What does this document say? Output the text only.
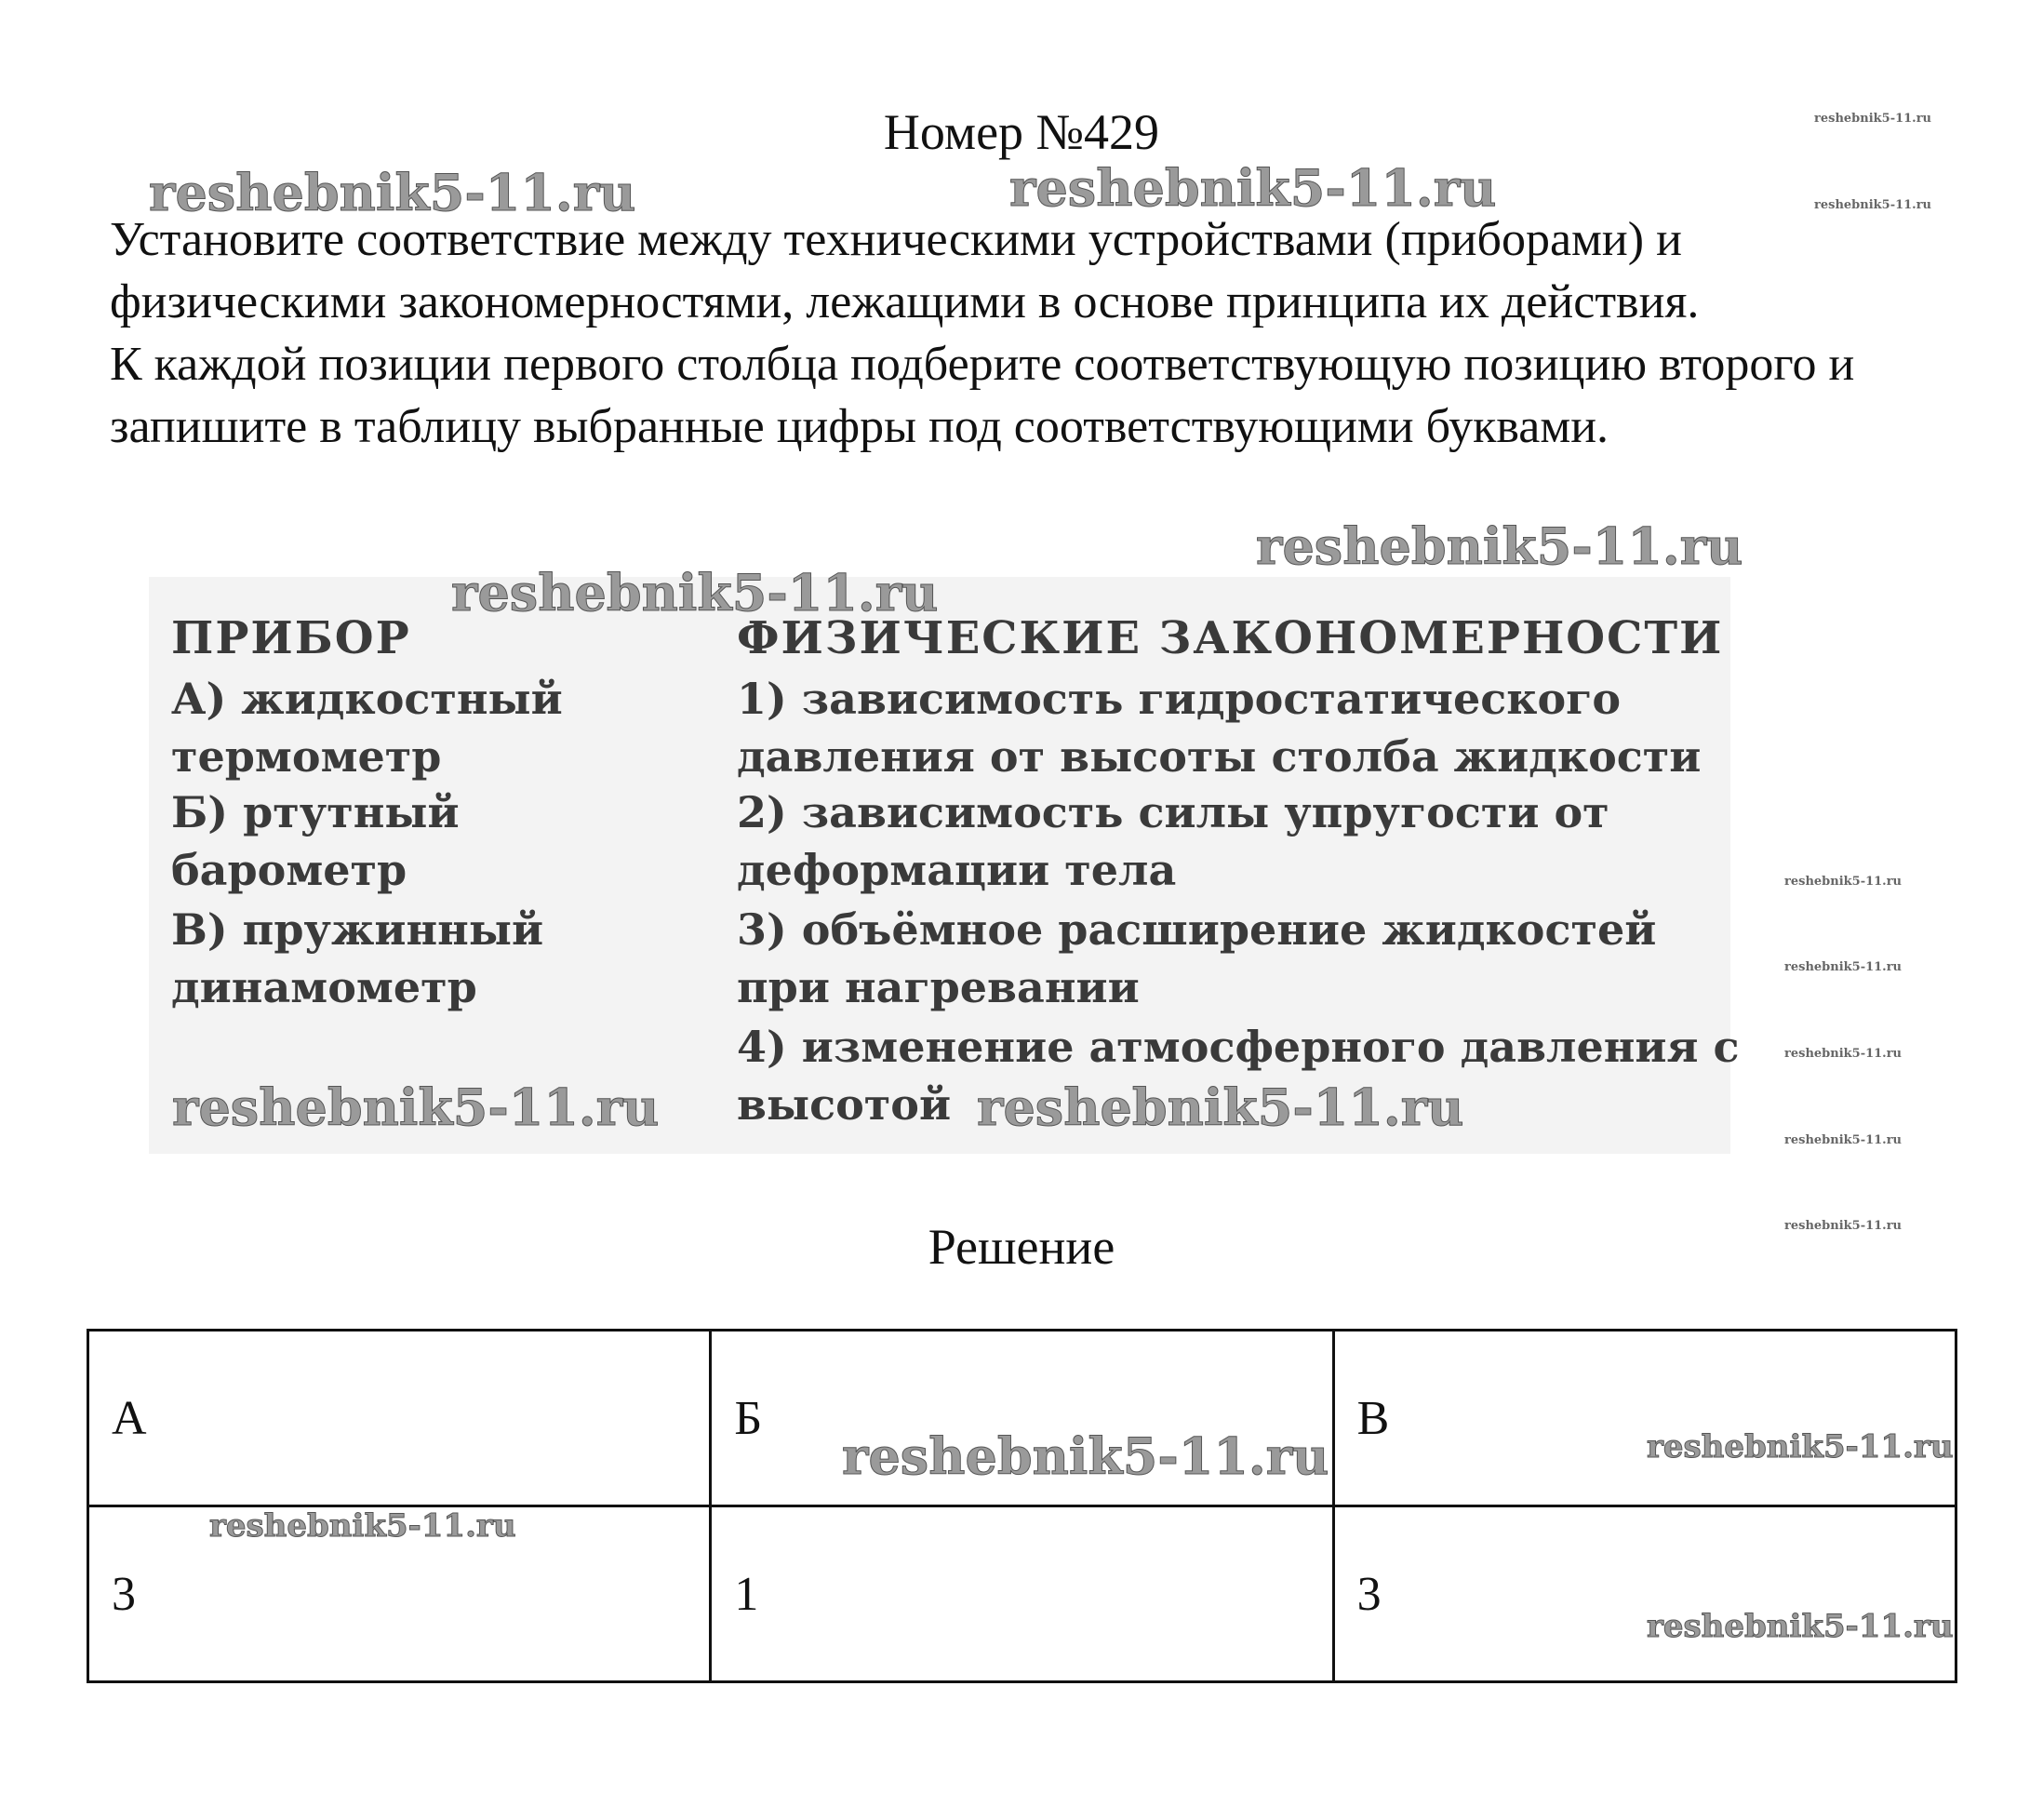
Номер №429

Установите соответствие между техническими устройствами (приборами) и физическими закономерностями, лежащими в основе принципа их действия.

К каждой позиции первого столбца подберите соответствующую позицию второго и запишите в таблицу выбранные цифры под соответствующими буквами.

ПРИБОР	ФИЗИЧЕСКИЕ ЗАКОНОМЕРНОСТИ
А) жидкостный термометр
Б) ртутный барометр
В) пружинный динамометр
1) зависимость гидростатического давления от высоты столба жидкости
2) зависимость силы упругости от деформации тела
3) объёмное расширение жидкостей при нагревании
4) изменение атмосферного давления с высотой
Решение
А	Б	В
3	1	3
reshebnik5-11.ru	reshebnik5-11.ru
reshebnik5-11.ru
reshebnik5-11.ru
reshebnik5-11.ru	reshebnik5-11.ru
reshebnik5-11.ru
reshebnik5-11.ru
reshebnik5-11.ru
reshebnik5-11.ru
reshebnik5-11.ru
reshebnik5-11.ru
reshebnik5-11.ru
reshebnik5-11.ru
reshebnik5-11.ru
reshebnik5-11.ru
reshebnik5-11.ru
